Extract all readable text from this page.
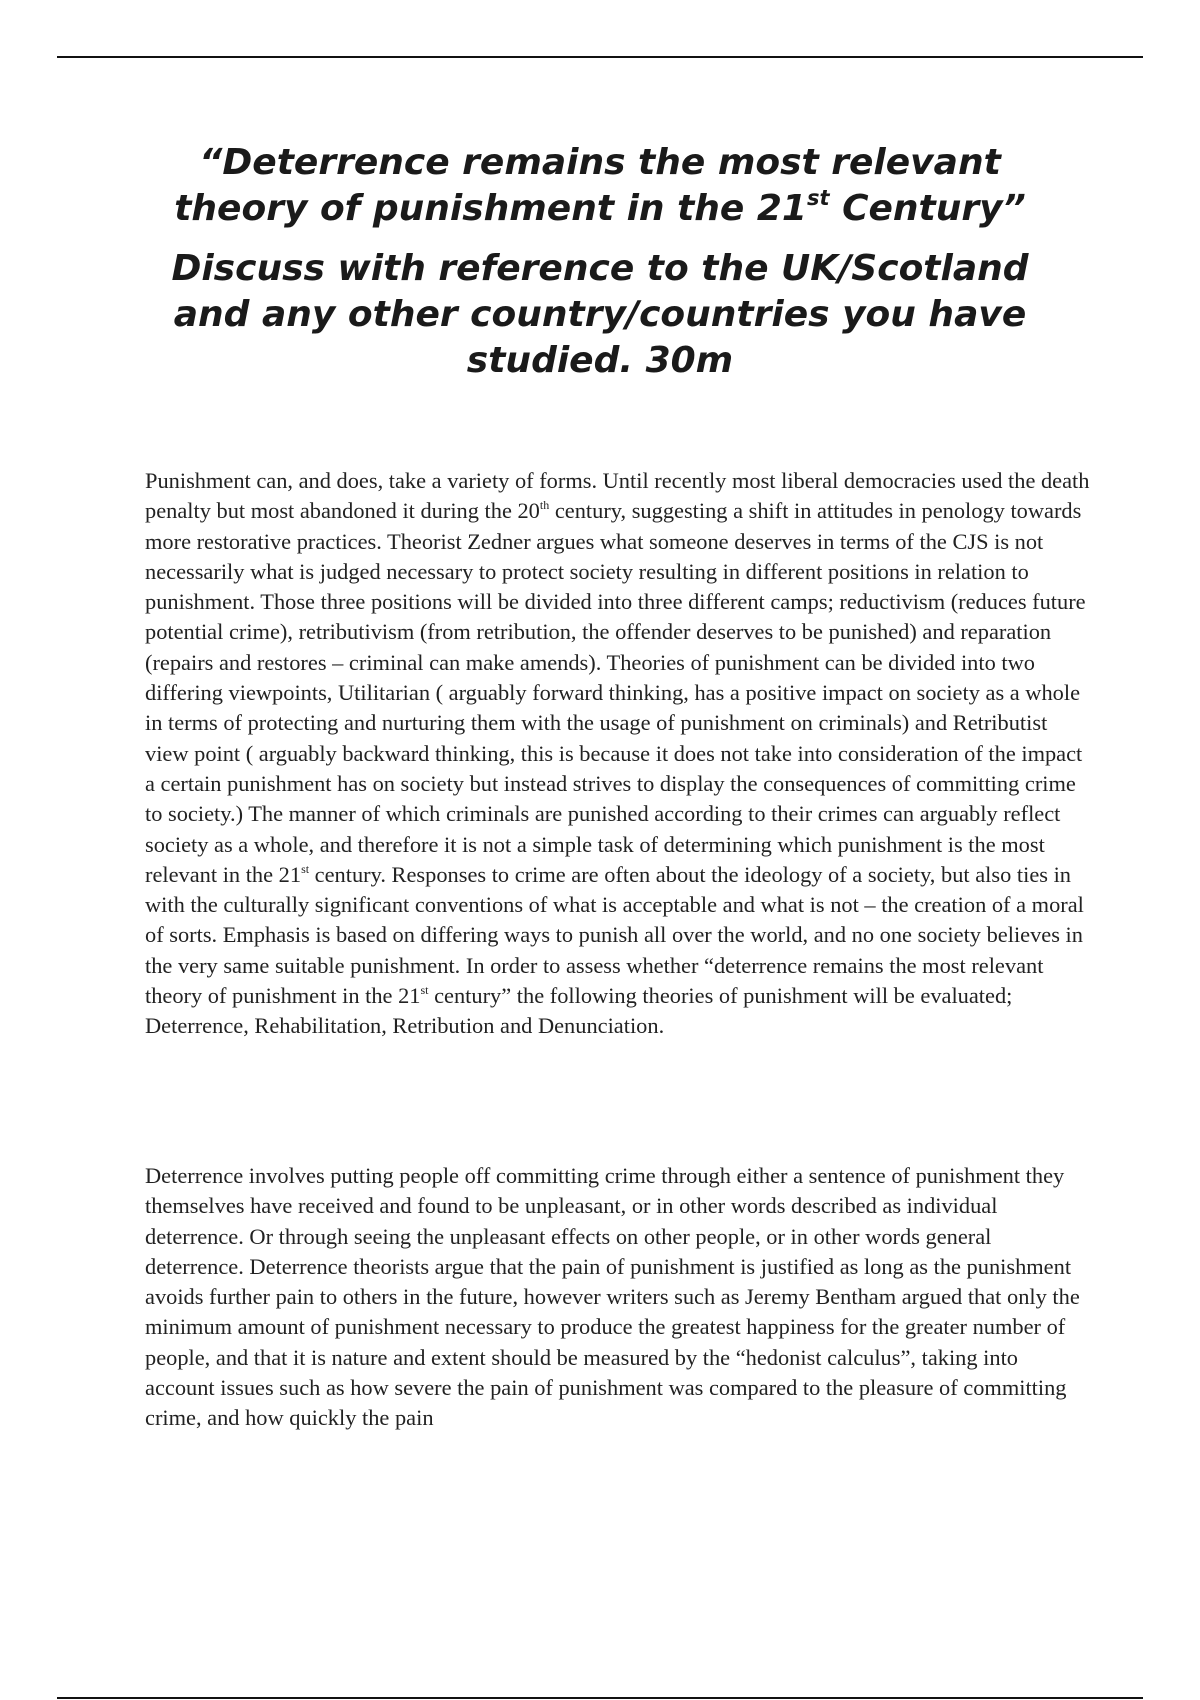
“Deterrence remains the most relevant theory of punishment in the 21st Century”
Discuss with reference to the UK/Scotland and any other country/countries you have studied. 30m

Punishment can, and does, take a variety of forms. Until recently most liberal democracies used the death penalty but most abandoned it during the 20th century, suggesting a shift in attitudes in penology towards more restorative practices. Theorist Zedner argues what someone deserves in terms of the CJS is not necessarily what is judged necessary to protect society resulting in different positions in relation to punishment. Those three positions will be divided into three different camps; reductivism (reduces future potential crime), retributivism (from retribution, the offender deserves to be punished) and reparation (repairs and restores – criminal can make amends). Theories of punishment can be divided into two differing viewpoints, Utilitarian ( arguably forward thinking, has a positive impact on society as a whole in terms of protecting and nurturing them with the usage of punishment on criminals) and Retributist view point ( arguably backward thinking, this is because it does not take into consideration of the impact a certain punishment has on society but instead strives to display the consequences of committing crime to society.) The manner of which criminals are punished according to their crimes can arguably reflect society as a whole, and therefore it is not a simple task of determining which punishment is the most relevant in the 21st century. Responses to crime are often about the ideology of a society, but also ties in with the culturally significant conventions of what is acceptable and what is not – the creation of a moral of sorts. Emphasis is based on differing ways to punish all over the world, and no one society believes in the very same suitable punishment. In order to assess whether “deterrence remains the most relevant theory of punishment in the 21st century” the following theories of punishment will be evaluated; Deterrence, Rehabilitation, Retribution and Denunciation.

Deterrence involves putting people off committing crime through either a sentence of punishment they themselves have received and found to be unpleasant, or in other words described as individual deterrence. Or through seeing the unpleasant effects on other people, or in other words general deterrence. Deterrence theorists argue that the pain of punishment is justified as long as the punishment avoids further pain to others in the future, however writers such as Jeremy Bentham argued that only the minimum amount of punishment necessary to produce the greatest happiness for the greater number of people, and that it is nature and extent should be measured by the “hedonist calculus”, taking into account issues such as how severe the pain of punishment was compared to the pleasure of committing crime, and how quickly the pain
